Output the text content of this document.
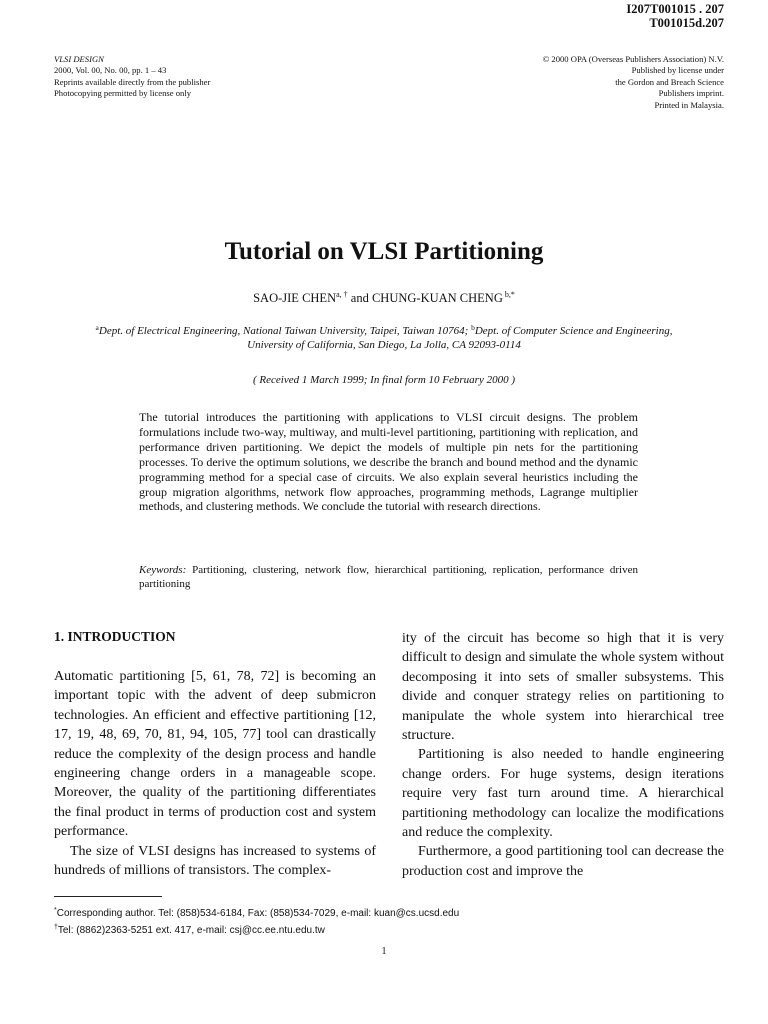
I207T001015 . 207
T001015d.207
VLSI DESIGN
2000, Vol. 00, No. 00, pp. 1 – 43
Reprints available directly from the publisher
Photocopying permitted by license only
© 2000 OPA (Overseas Publishers Association) N.V.
Published by license under
the Gordon and Breach Science
Publishers imprint.
Printed in Malaysia.
Tutorial on VLSI Partitioning
SAO-JIE $CHEN^{a, \dagger}$ and CHUNG-KUAN CHENG $^{b,*}$
$^a$Dept. of Electrical Engineering, National Taiwan University, Taipei, Taiwan 10764; $^b$Dept. of Computer Science and Engineering, University of California, San Diego, La Jolla, CA 92093-0114
( Received 1 March 1999; In final form 10 February 2000 )
The tutorial introduces the partitioning with applications to VLSI circuit designs. The problem formulations include two-way, multiway, and multi-level partitioning, partitioning with replication, and performance driven partitioning. We depict the models of multiple pin nets for the partitioning processes. To derive the optimum solutions, we describe the branch and bound method and the dynamic programming method for a special case of circuits. We also explain several heuristics including the group migration algorithms, network flow approaches, programming methods, Lagrange multiplier methods, and clustering methods. We conclude the tutorial with research directions.
Keywords: Partitioning, clustering, network flow, hierarchical partitioning, replication, performance driven partitioning
1. INTRODUCTION

Automatic partitioning [5, 61, 78, 72] is becoming an important topic with the advent of deep submicron technologies. An efficient and effective partitioning [12, 17, 19, 48, 69, 70, 81, 94, 105, 77] tool can drastically reduce the complexity of the design process and handle engineering change orders in a manageable scope. Moreover, the quality of the partitioning differentiates the final product in terms of production cost and system performance.

The size of VLSI designs has increased to systems of hundreds of millions of transistors. The complex-

ity of the circuit has become so high that it is very difficult to design and simulate the whole system without decomposing it into sets of smaller subsystems. This divide and conquer strategy relies on partitioning to manipulate the whole system into hierarchical tree structure.

Partitioning is also needed to handle engineering change orders. For huge systems, design iterations require very fast turn around time. A hierarchical partitioning methodology can localize the modifications and reduce the complexity.

Furthermore, a good partitioning tool can decrease the production cost and improve the

*Corresponding author. Tel: (858)534-6184, Fax: (858)534-7029, e-mail: kuan@cs.ucsd.edu
†Tel: (8862)2363-5251 ext. 417, e-mail: csj@cc.ee.ntu.edu.tw
1
